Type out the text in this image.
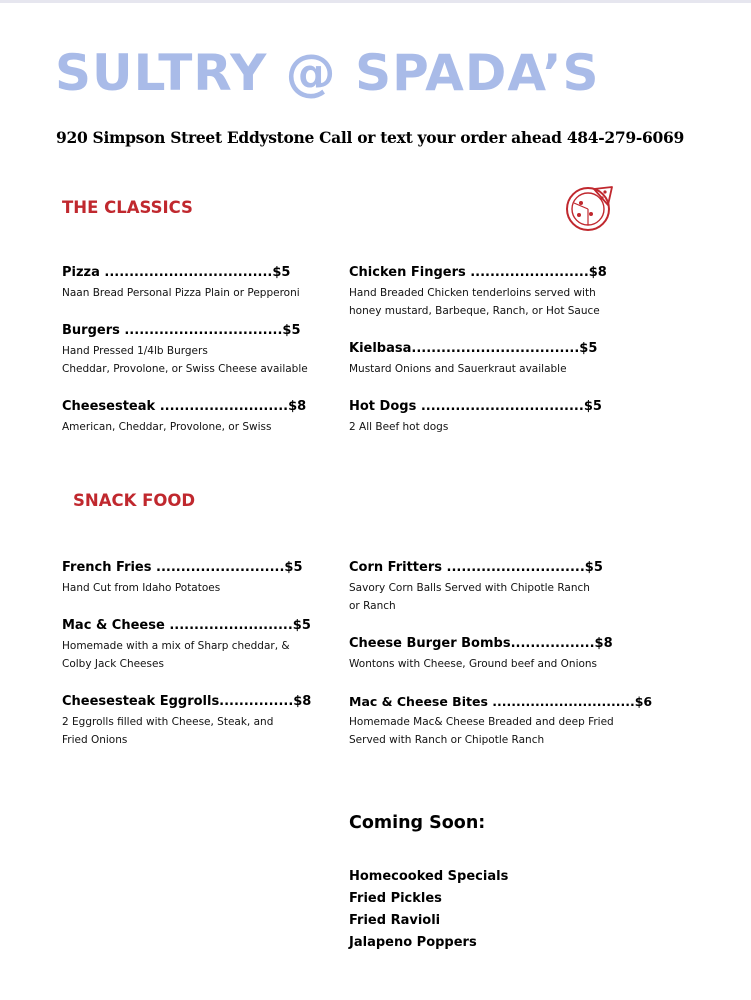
SULTRY @ SPADA’S
920 Simpson Street Eddystone Call or text your order ahead 484-279-6069
THE CLASSICS
Pizza ..................................$5
Naan Bread Personal Pizza Plain or Pepperoni
Chicken Fingers ........................$8
Hand Breaded Chicken tenderloins served with
honey mustard, Barbeque, Ranch, or Hot Sauce
Burgers ................................$5
Hand Pressed 1/4lb Burgers
Cheddar, Provolone, or Swiss Cheese available
Kielbasa..................................$5
Mustard Onions and Sauerkraut available
Cheesesteak ..........................$8
American, Cheddar, Provolone, or Swiss
Hot Dogs .................................$5
2 All Beef hot dogs
SNACK FOOD
French Fries ..........................$5
Hand Cut from Idaho Potatoes
Corn Fritters ............................$5
Savory Corn Balls Served with Chipotle Ranch
or Ranch
Mac & Cheese .........................$5
Homemade with a mix of Sharp cheddar, &
Colby Jack Cheeses
Cheese Burger Bombs.................$8
Wontons with Cheese, Ground beef and Onions
Cheesesteak Eggrolls...............$8
2 Eggrolls filled with Cheese, Steak, and
Fried Onions
Mac & Cheese Bites ..............................$6
Homemade Mac& Cheese Breaded and deep Fried
Served with Ranch or Chipotle Ranch
Coming Soon:
Homecooked Specials
Fried Pickles
Fried Ravioli
Jalapeno Poppers
